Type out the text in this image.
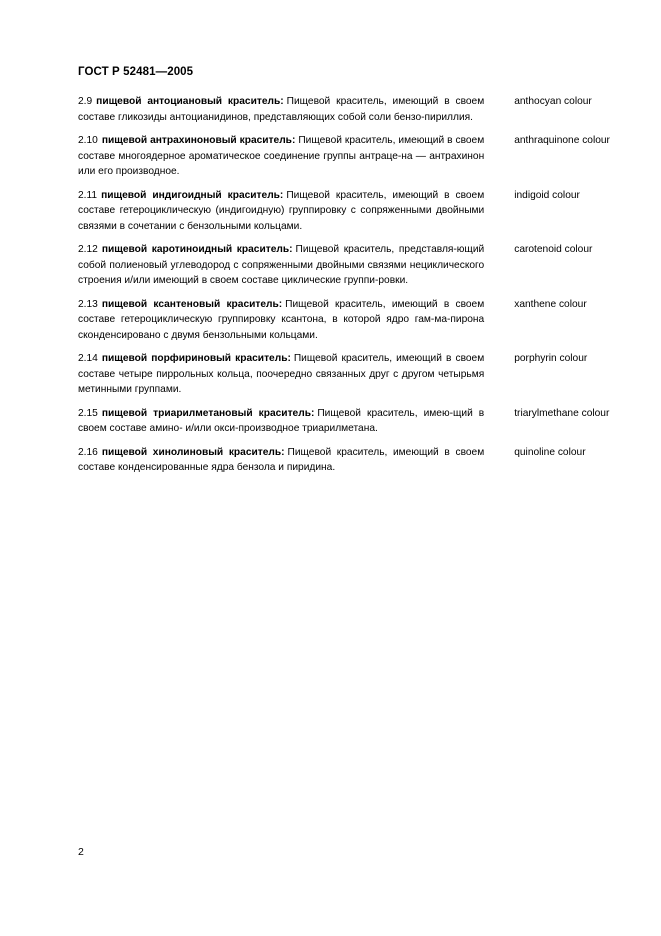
ГОСТ Р 52481—2005
2.9 пищевой антоциановый краситель: Пищевой краситель, имеющий в своем составе гликозиды антоцианидинов, представляющих собой соли бензо-пириллия.
anthocyan colour
2.10 пищевой антрахиноновый краситель: Пищевой краситель, имеющий в своем составе многоядерное ароматическое соединение группы антраце-на — антрахинон или его производное.
anthraquinone colour
2.11 пищевой индигоидный краситель: Пищевой краситель, имеющий в своем составе гетероциклическую (индигоидную) группировку с сопряженными двойными связями в сочетании с бензольными кольцами.
indigoid colour
2.12 пищевой каротиноидный краситель: Пищевой краситель, представля-ющий собой полиеновый углеводород с сопряженными двойными связями нециклического строения и/или имеющий в своем составе циклические группи-ровки.
carotenoid colour
2.13 пищевой ксантеновый краситель: Пищевой краситель, имеющий в своем составе гетероциклическую группировку ксантона, в которой ядро гам-ма-пирона сконденсировано с двумя бензольными кольцами.
xanthene colour
2.14 пищевой порфириновый краситель: Пищевой краситель, имеющий в своем составе четыре пиррольных кольца, поочередно связанных друг с другом четырьмя метинными группами.
porphyrin colour
2.15 пищевой триарилметановый краситель: Пищевой краситель, имею-щий в своем составе амино- и/или окси-производное триарилметана.
triarylmethane colour
2.16 пищевой хинолиновый краситель: Пищевой краситель, имеющий в своем составе конденсированные ядра бензола и пиридина.
quinoline colour
2
